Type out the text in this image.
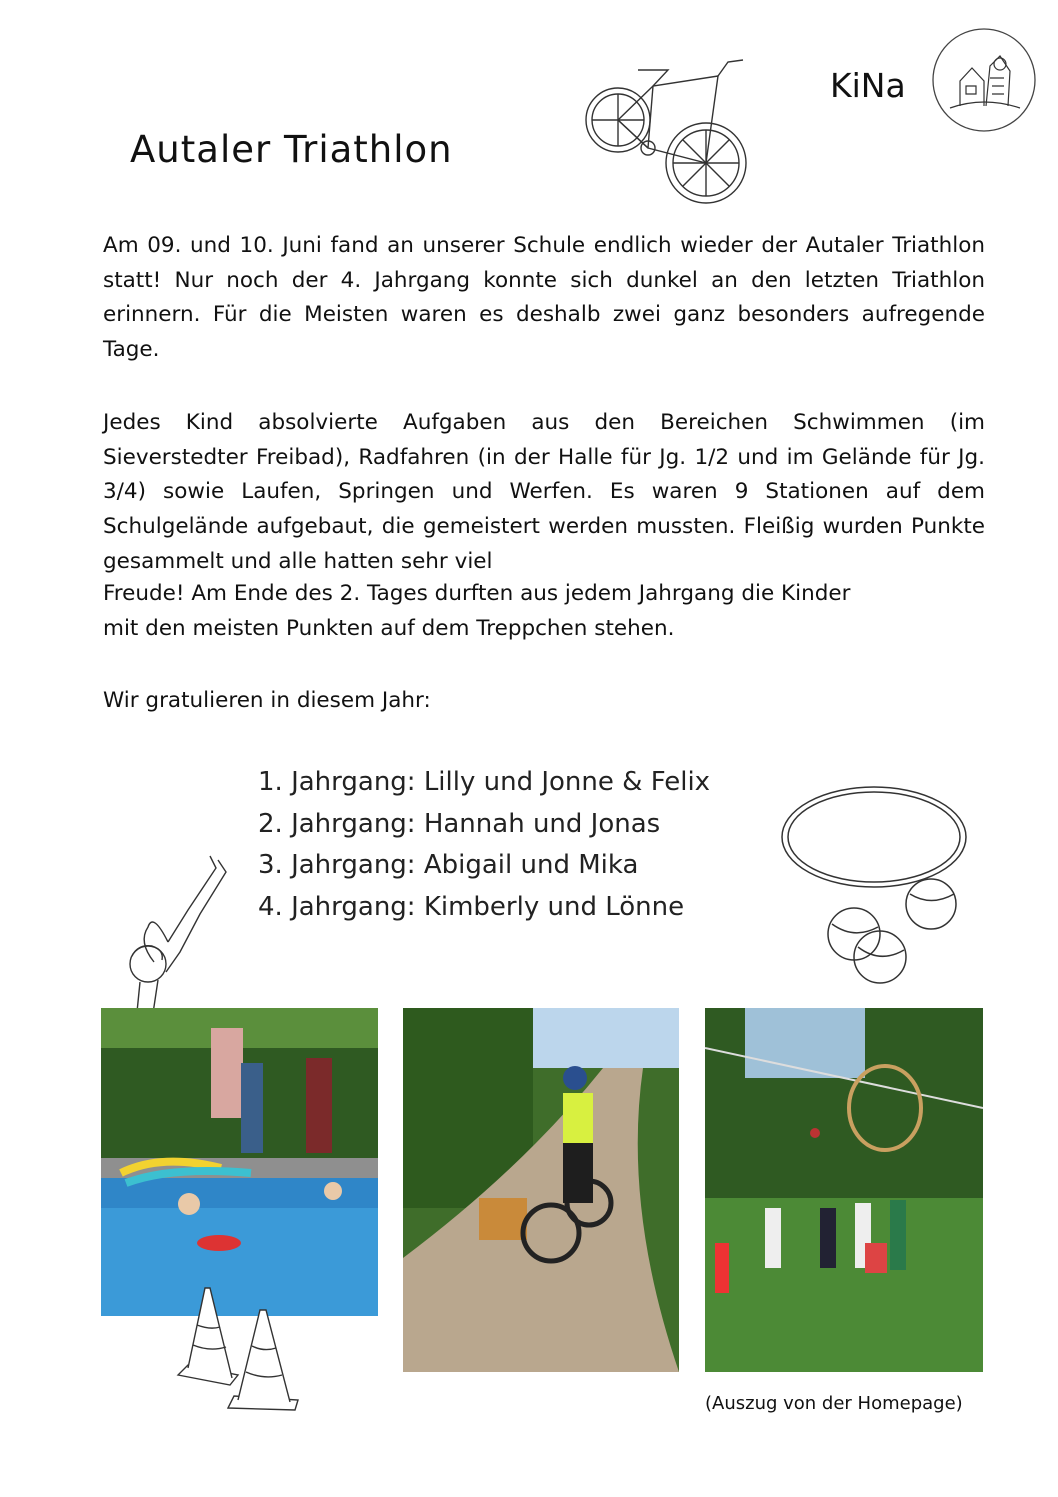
Autaler Triathlon
KiNa
Am 09. und 10. Juni fand an unserer Schule endlich wieder der Autaler Triathlon statt! Nur noch der 4. Jahrgang konnte sich dunkel an den letzten Triathlon erinnern. Für die Meisten waren es deshalb zwei ganz besonders aufregende Tage.
Jedes Kind absolvierte Aufgaben aus den Bereichen Schwimmen (im Sieverstedter Freibad), Radfahren (in der Halle für Jg. 1/2 und im Gelände für Jg. 3/4) sowie Laufen, Springen und Werfen. Es waren 9 Stationen auf dem Schulgelände aufgebaut, die gemeistert werden mussten. Fleißig wurden Punkte gesammelt und alle hatten sehr viel
Freude! Am Ende des 2. Tages durften aus jedem Jahrgang die Kinder
mit den meisten Punkten auf dem Treppchen stehen.
Wir gratulieren in diesem Jahr:
1. Jahrgang: Lilly und Jonne & Felix
2. Jahrgang: Hannah und Jonas
3. Jahrgang: Abigail und Mika
4. Jahrgang: Kimberly und Lönne
(Auszug von der Homepage)
